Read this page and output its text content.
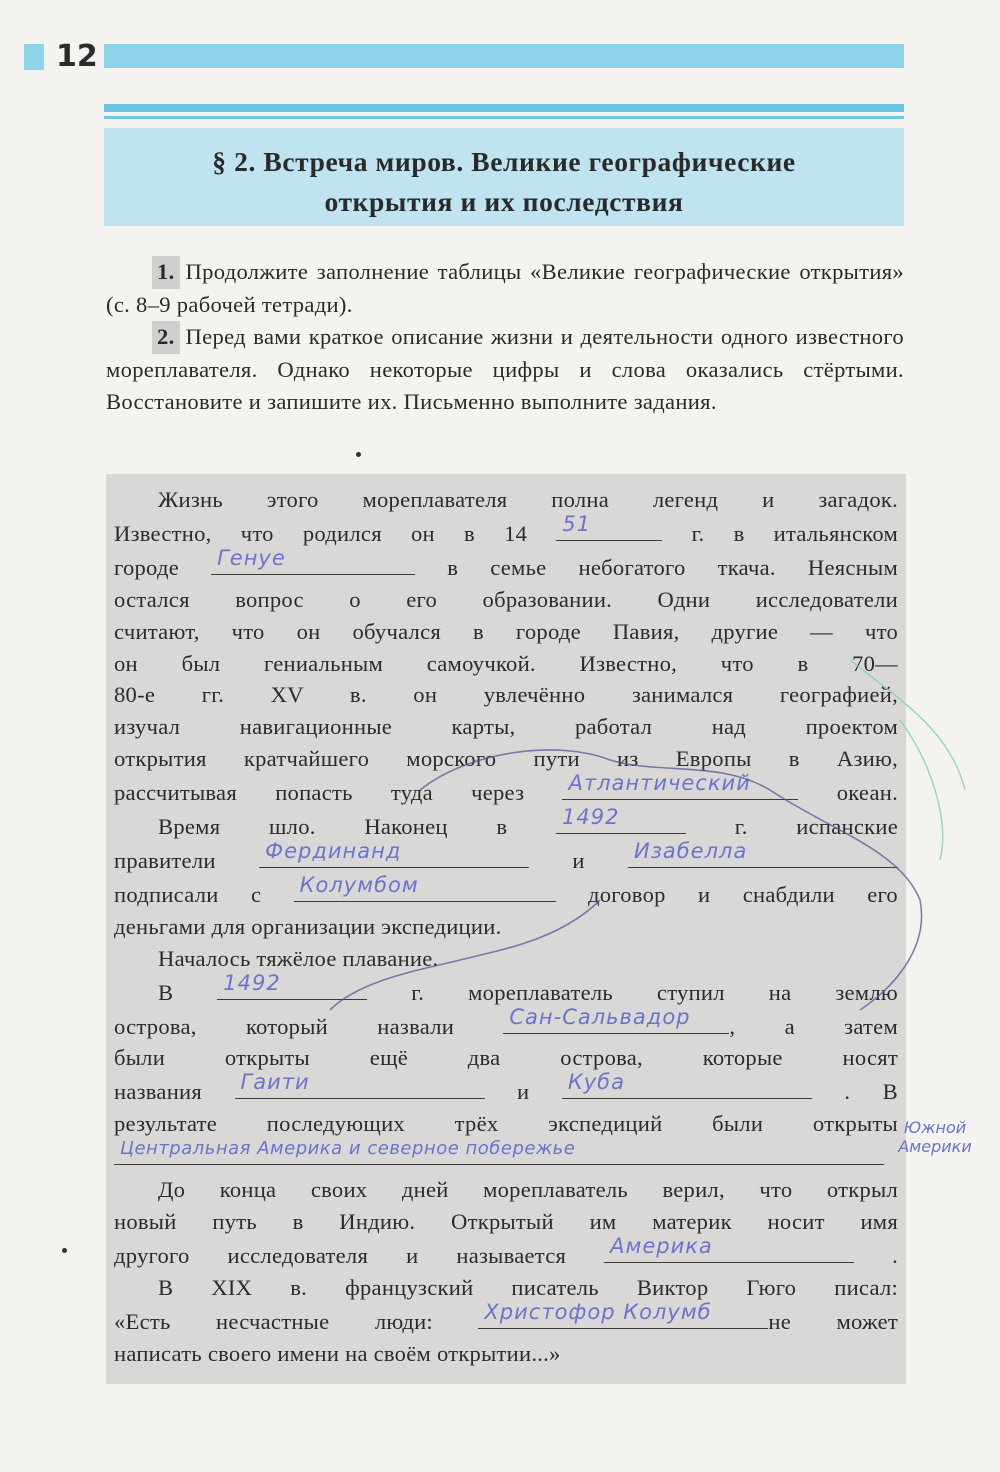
12
§ 2. Встреча миров. Великие географические
открытия и их последствия

1. Продолжите заполнение таблицы «Великие географические открытия» (с. 8–9 рабочей тетради).

2. Перед вами краткое описание жизни и деятельности одного известного мореплавателя. Однако некоторые цифры и слова оказались стёртыми. Восстановите и запишите их. Письменно выполните задания.

Жизнь этого мореплавателя полна легенд и загадок.

Известно, что родился он в 14 51	г. в итальянском
городе Генуе	в семье небогатого ткача. Неясным
остался вопрос о его образовании. Одни исследователи
считают, что он обучался в городе Павия, другие — что
он был гениальным самоучкой. Известно, что в 70—
80-е гг. XV в. он увлечённо занимался географией,
изучал навигационные карты, работал над проектом
открытия кратчайшего морского пути из Европы в Азию,
рассчитывая попасть туда через Атлантический	океан.
Время шло. Наконец в	1492	г. испанские
правители Фердинанд	и Изабелла
подписали с Колумбом	договор и снабдили его
деньгами для организации экспедиции.
Началось тяжёлое плавание.
В 1492	г. мореплаватель ступил на землю
острова, который назвали	Сан-Сальвадор , а затем
были открыты ещё два острова, которые носят
названия Гаити	и Куба	. В
результате последующих трёх экспедиций были открыты
Центральная Америка и северное побережье
До конца своих дней мореплаватель верил, что открыл
новый путь в Индию. Открытый им материк носит имя
другого исследователя и называется Америка	.
В XIX в. французский писатель Виктор Гюго писал:
«Есть несчастные люди: Христофор Колумб	не может
написать своего имени на своём открытии...»
Южной Америки
